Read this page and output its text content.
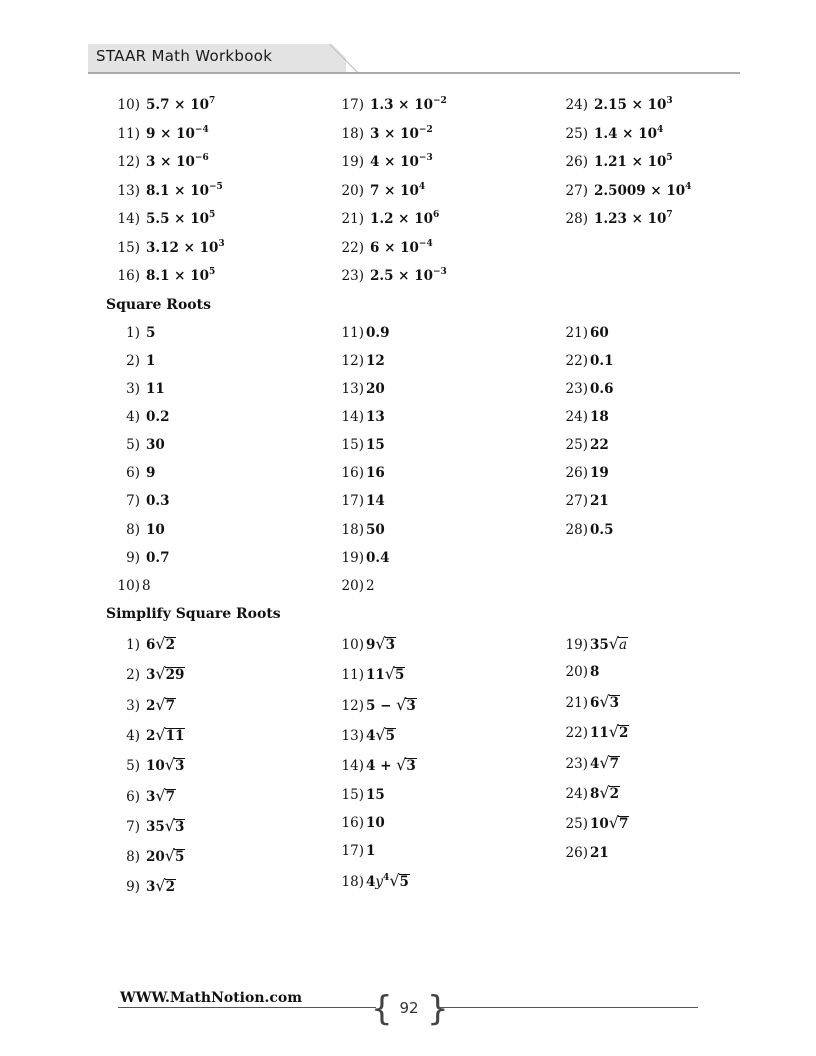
STAAR Math Workbook
Square Roots
Simplify Square Roots
10) $5.7 \times 10^7$
11) $9 \times 10^{-4}$
12) $3 \times 10^{-6}$
13) $8.1 \times 10^{-5}$
14) $5.5 \times 10^5$
15) $3.12 \times 10^3$
16) $8.1 \times 10^5$
17) $1.3 \times 10^{-2}$
18) $3 \times 10^{-2}$
19) $4 \times 10^{-3}$
20) $7 \times 10^4$
21) $1.2 \times 10^6$
22) $6 \times 10^{-4}$
23) $2.5 \times 10^{-3}$
24) $2.15 \times 10^3$
25) $1.4 \times 10^4$
26) $1.21 \times 10^5$
27) $2.5009 \times 10^4$
28) $1.23 \times 10^7$
1) 5
2) 1
3) 11
4) 0.2
5) 30
6) 9
7) 0.3
8) 10
9) 0.7
10) 8
11) 0.9
12) 12
13) 20
14) 13
15) 15
16) 16
17) 14
18) 50
19) 0.4
20) 2
21) 60
22) 0.1
23) 0.6
24) 18
25) 22
26) 19
27) 21
28) 0.5
1) 6 √ 2
2) 3 √ 29
3) 2 √ 7
4) 2 √ 11
5) 10 √ 3
6) 3 √ 7
7) 35 √ 3
8) 20 √ 5
9) 3 √ 2
10) 9 √ 3
11) 11 √ 5
12) 5 − √ 3
13) 4 √ 5
14) 4 + √ 3
15) 15
16) 10
17) 1
18) $4y^4$ √ 5
19) 35 √ a
20) 8
21) 6 √ 3
22) 11 √ 2
23) 4 √ 7
24) 8 √ 2
25) 10 √ 7
26) 21
WWW.MathNotion.com { }
92
